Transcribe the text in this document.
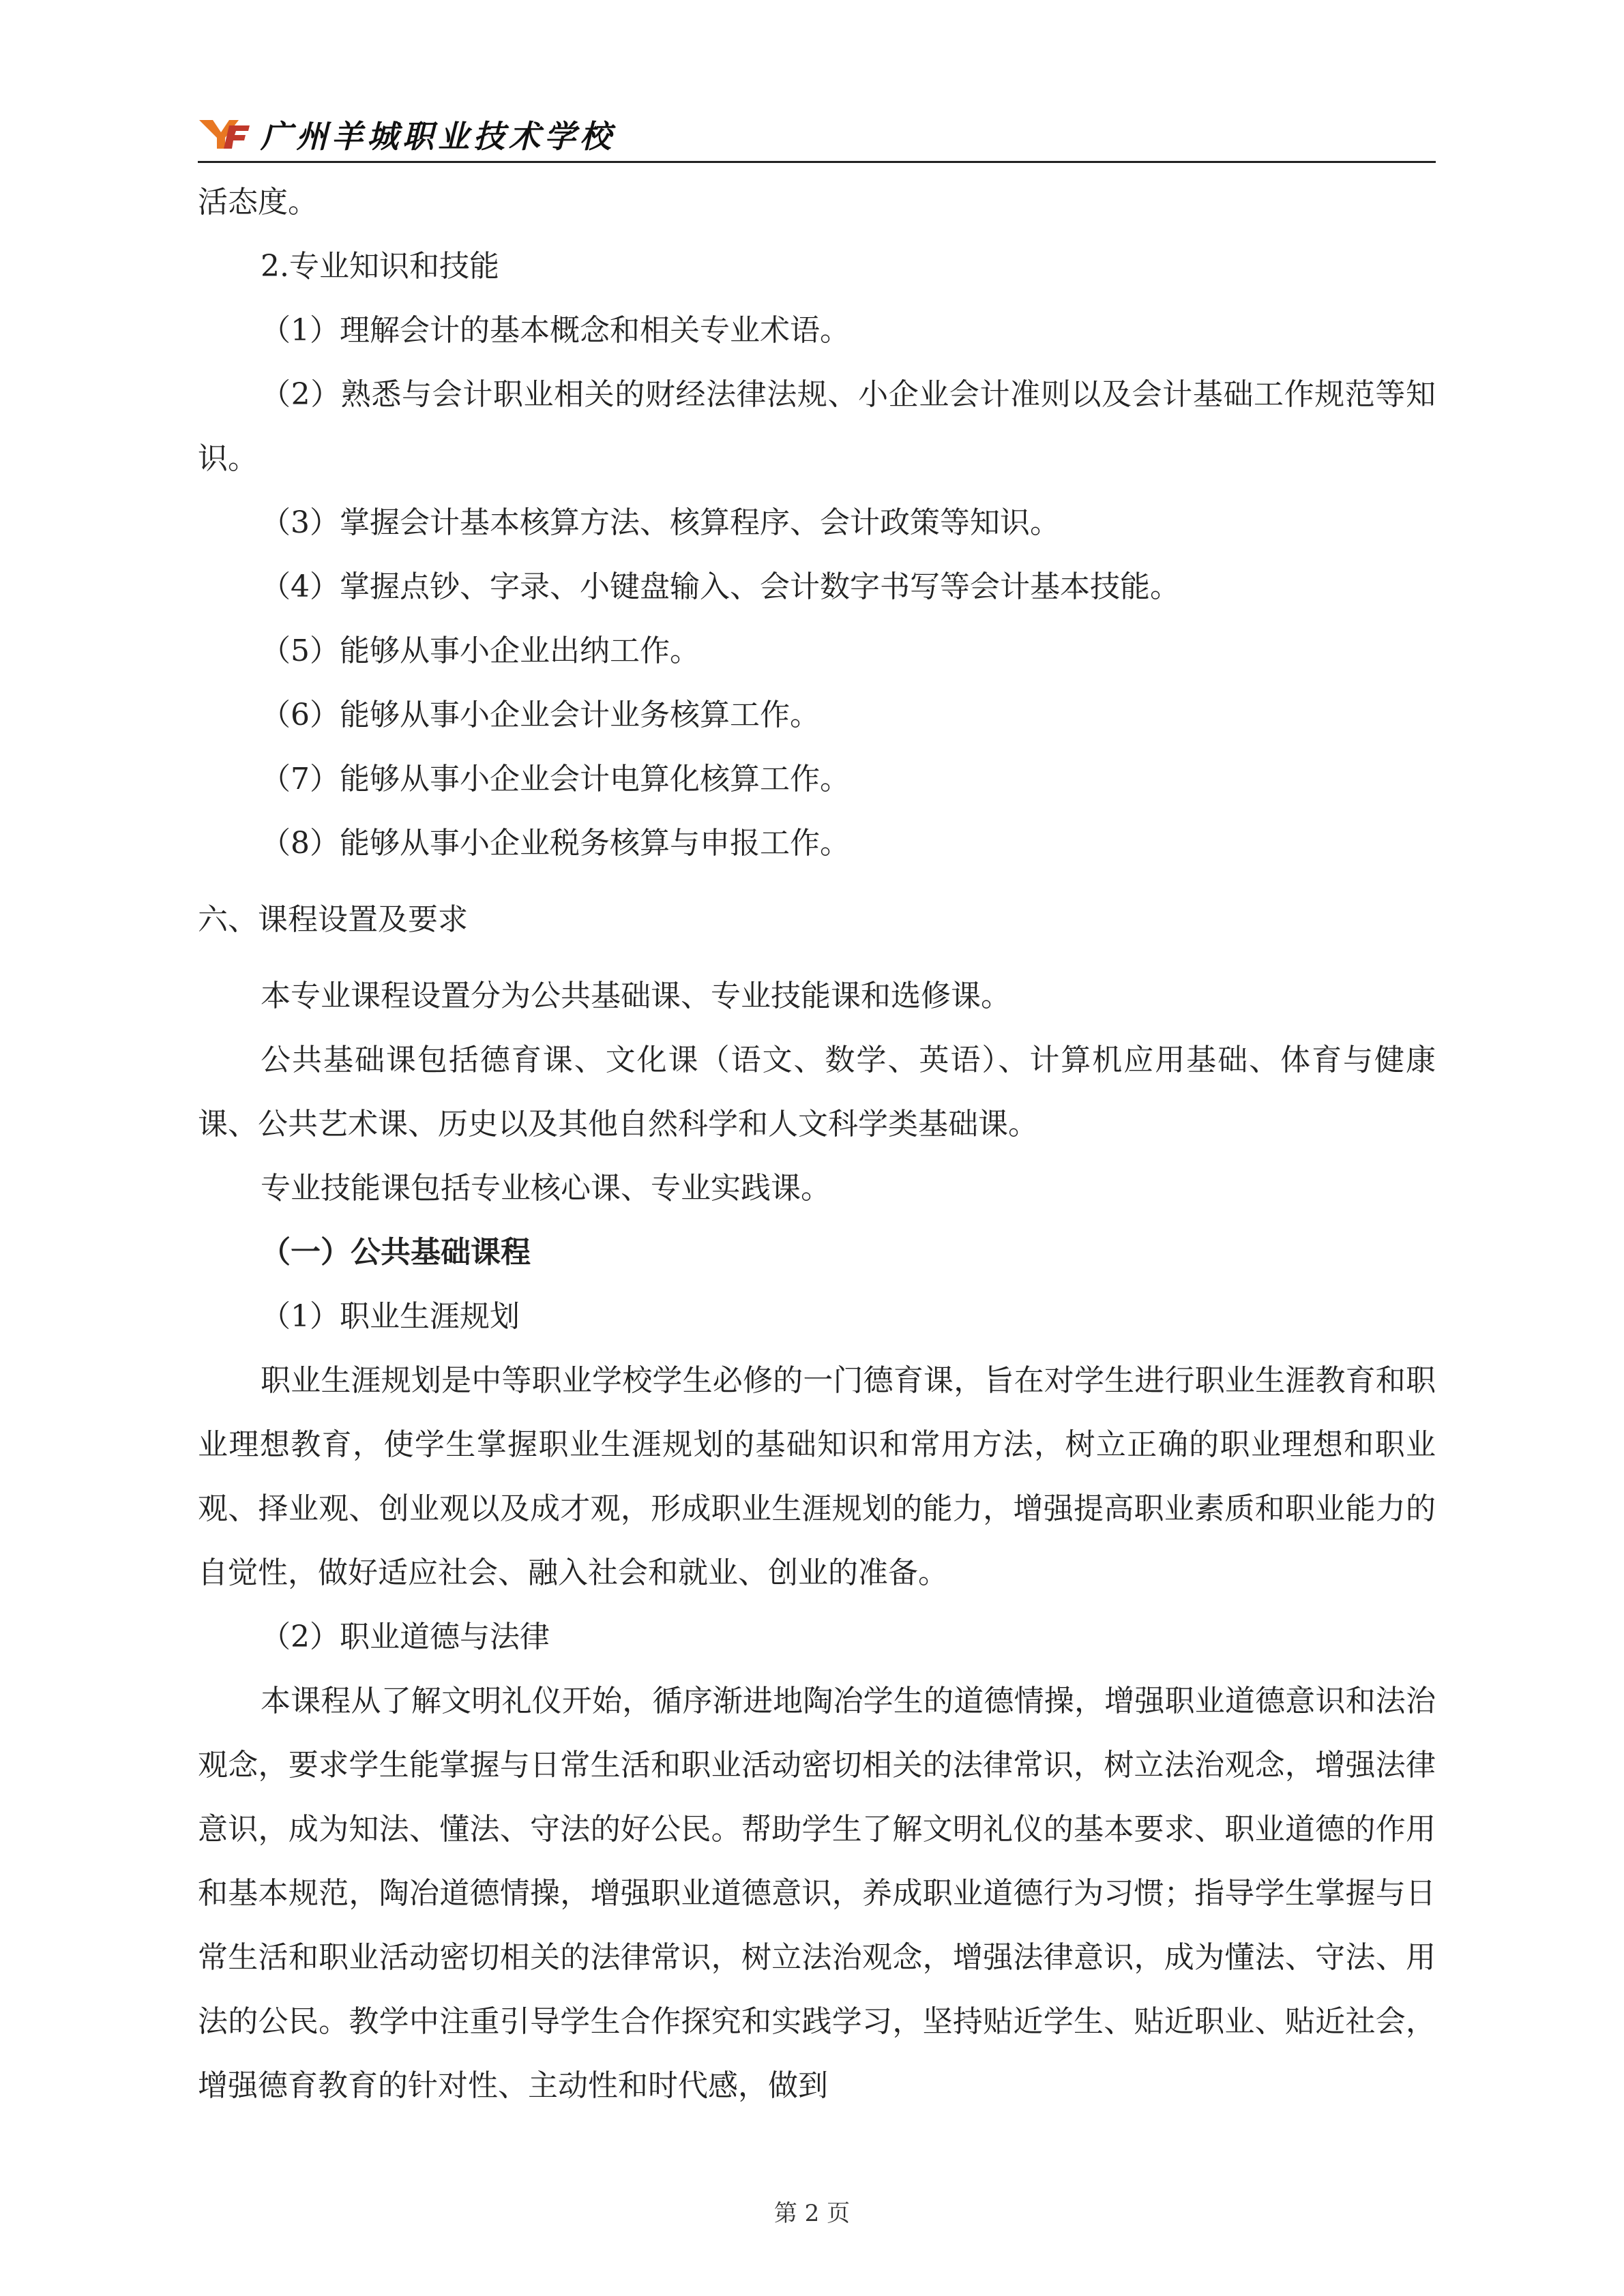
广州羊城职业技术学校

活态度。

2.专业知识和技能

（1）理解会计的基本概念和相关专业术语。

（2）熟悉与会计职业相关的财经法律法规、小企业会计准则以及会计基础工作规范等知识。

（3）掌握会计基本核算方法、核算程序、会计政策等知识。

（4）掌握点钞、字录、小键盘输入、会计数字书写等会计基本技能。

（5）能够从事小企业出纳工作。

（6）能够从事小企业会计业务核算工作。

（7）能够从事小企业会计电算化核算工作。

（8）能够从事小企业税务核算与申报工作。

六、课程设置及要求

本专业课程设置分为公共基础课、专业技能课和选修课。

公共基础课包括德育课、文化课（语文、数学、英语）、计算机应用基础、体育与健康课、公共艺术课、历史以及其他自然科学和人文科学类基础课。

专业技能课包括专业核心课、专业实践课。

（一）公共基础课程

（1）职业生涯规划

职业生涯规划是中等职业学校学生必修的一门德育课，旨在对学生进行职业生涯教育和职业理想教育，使学生掌握职业生涯规划的基础知识和常用方法，树立正确的职业理想和职业观、择业观、创业观以及成才观，形成职业生涯规划的能力，增强提高职业素质和职业能力的自觉性，做好适应社会、融入社会和就业、创业的准备。

（2）职业道德与法律

本课程从了解文明礼仪开始，循序渐进地陶冶学生的道德情操，增强职业道德意识和法治观念，要求学生能掌握与日常生活和职业活动密切相关的法律常识，树立法治观念，增强法律意识，成为知法、懂法、守法的好公民。帮助学生了解文明礼仪的基本要求、职业道德的作用和基本规范，陶冶道德情操，增强职业道德意识，养成职业道德行为习惯；指导学生掌握与日常生活和职业活动密切相关的法律常识，树立法治观念，增强法律意识，成为懂法、守法、用法的公民。教学中注重引导学生合作探究和实践学习，坚持贴近学生、贴近职业、贴近社会，增强德育教育的针对性、主动性和时代感，做到

第 2 页
